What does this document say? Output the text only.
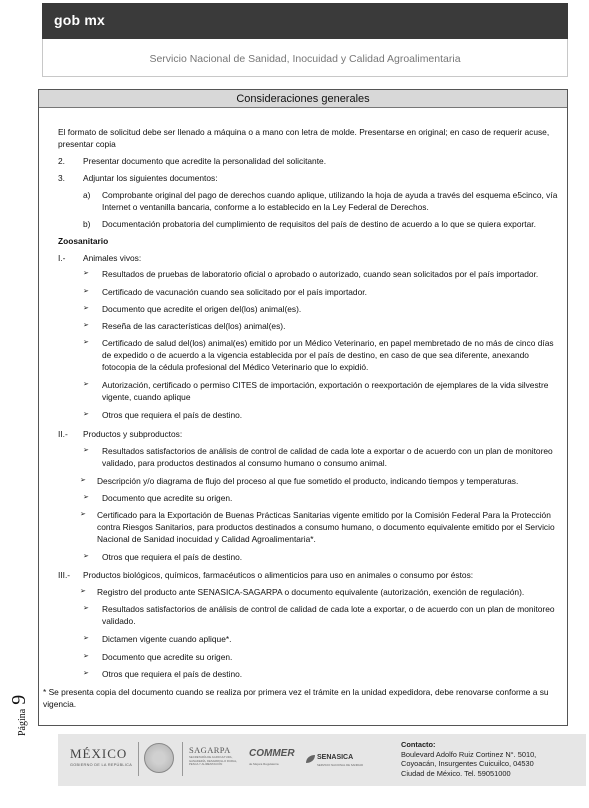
gob mx
Servicio Nacional de Sanidad, Inocuidad y Calidad Agroalimentaria
Consideraciones generales
El formato de solicitud debe ser llenado a máquina o a mano con letra de molde. Presentarse en original; en caso de requerir acuse, presentar copia
2. Presentar documento que acredite la personalidad del solicitante.
3. Adjuntar los siguientes documentos:
a) Comprobante original del pago de derechos cuando aplique, utilizando la hoja de ayuda a través del esquema e5cinco, vía Internet o ventanilla bancaria, conforme a lo establecido en la Ley Federal de Derechos.
b) Documentación probatoria del cumplimiento de requisitos del país de destino de acuerdo a lo que se quiera exportar.
Zoosanitario
I.- Animales vivos:
➢ Resultados de pruebas de laboratorio oficial o aprobado o autorizado, cuando sean solicitados por el país importador.
➢ Certificado de vacunación cuando sea solicitado por el país importador.
➢ Documento que acredite el origen del(los) animal(es).
➢ Reseña de las características del(los) animal(es).
➢ Certificado de salud del(los) animal(es) emitido por un Médico Veterinario, en papel membretado de no más de cinco días de expedido o de acuerdo a la vigencia establecida por el país de destino, en caso de que sea diferente, anexando fotocopia de la cédula profesional del Médico Veterinario que lo expidió.
➢ Autorización, certificado o permiso CITES de importación, exportación o reexportación de ejemplares de la vida silvestre vigente, cuando aplique
➢ Otros que requiera el país de destino.
II.- Productos y subproductos:
➢ Resultados satisfactorios de análisis de control de calidad de cada lote a exportar o de acuerdo con un plan de monitoreo validado, para productos destinados al consumo humano o consumo animal.
➢ Descripción y/o diagrama de flujo del proceso al que fue sometido el producto, indicando tiempos y temperaturas.
➢ Documento que acredite su origen.
➢ Certificado para la Exportación de Buenas Prácticas Sanitarias vigente emitido por la Comisión Federal Para la Protección contra Riesgos Sanitarios, para productos destinados a consumo humano, o documento equivalente emitido por el Servicio Nacional de Sanidad inocuidad y Calidad Agroalimentaria*.
➢ Otros que requiera el país de destino.
III.- Productos biológicos, químicos, farmacéuticos o alimenticios para uso en animales o consumo por éstos:
➢ Registro del producto ante SENASICA-SAGARPA o documento equivalente (autorización, exención de regulación).
➢ Resultados satisfactorios de análisis de control de calidad de cada lote a exportar, o de acuerdo con un plan de monitoreo validado.
➢ Dictamen vigente cuando aplique*.
➢ Documento que acredite su origen.
➢ Otros que requiera el país de destino.
* Se presenta copia del documento cuando se realiza por primera vez el trámite en la unidad expedidora, debe renovarse conforme a su vigencia.
Página 9
MÉXICO
GOBIERNO DE LA REPÚBLICA
SAGARPA
SECRETARÍA DE AGRICULTURA, GANADERÍA, DESARROLLO RURAL, PESCA Y ALIMENTACIÓN
COMMER
de Mejora Regulatoria
SENASICA
SERVICIO NACIONAL DE SANIDAD
Contacto:
Boulevard Adolfo Ruiz Cortinez N°. 5010,
Coyoacán, Insurgentes Cuicuilco, 04530
Ciudad de México. Tel. 59051000
